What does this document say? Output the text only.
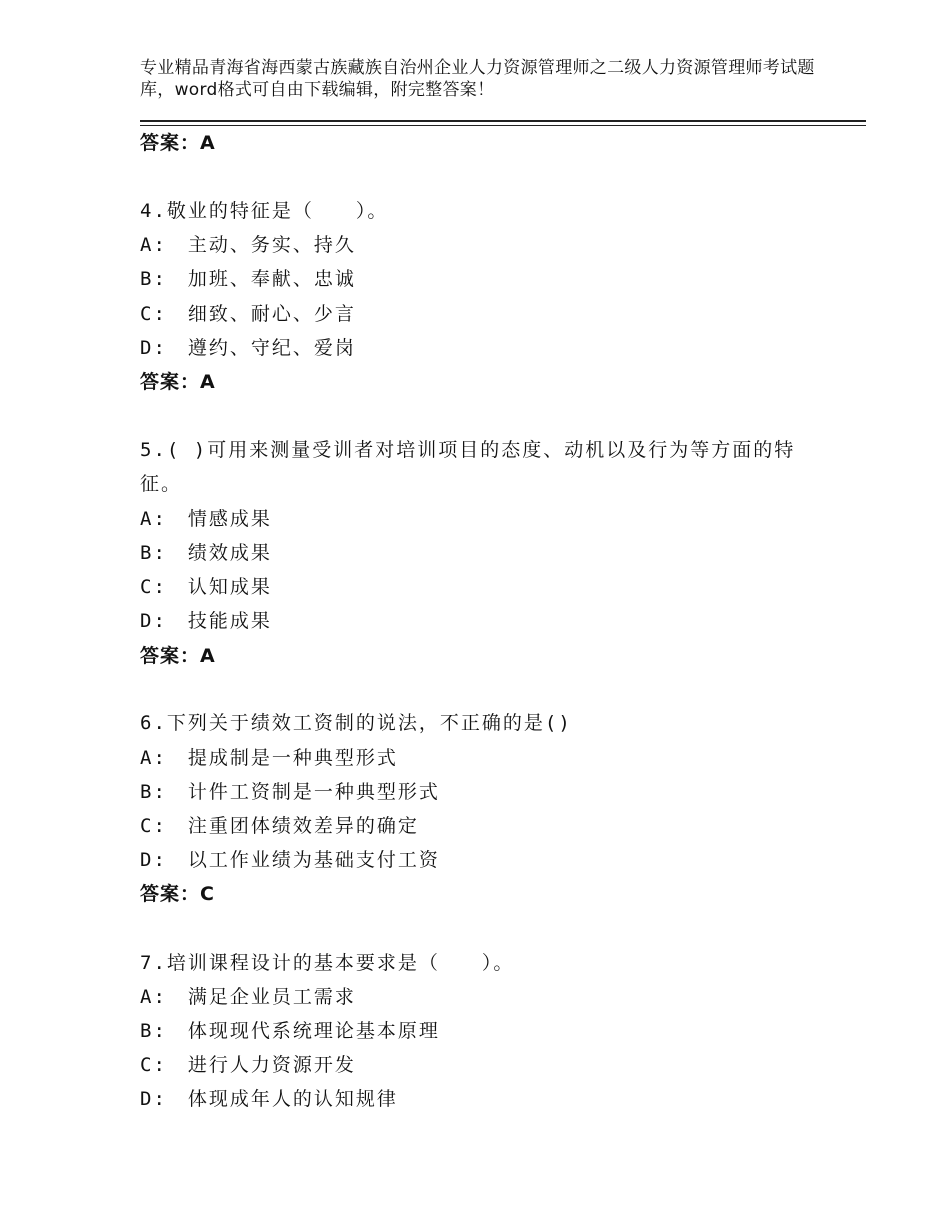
专业精品青海省海西蒙古族藏族自治州企业人力资源管理师之二级人力资源管理师考试题库，word格式可自由下载编辑，附完整答案！
答案：A
4.敬业的特征是（　　）。
A:　主动、务实、持久
B:　加班、奉献、忠诚
C:　细致、耐心、少言
D:　遵约、守纪、爱岗
答案：A
5.( )可用来测量受训者对培训项目的态度、动机以及行为等方面的特征。
A:　情感成果
B:　绩效成果
C:　认知成果
D:　技能成果
答案：A
6.下列关于绩效工资制的说法，不正确的是()
A:　提成制是一种典型形式
B:　计件工资制是一种典型形式
C:　注重团体绩效差异的确定
D:　以工作业绩为基础支付工资
答案：C
7.培训课程设计的基本要求是（　　）。
A:　满足企业员工需求
B:　体现现代系统理论基本原理
C:　进行人力资源开发
D:　体现成年人的认知规律
